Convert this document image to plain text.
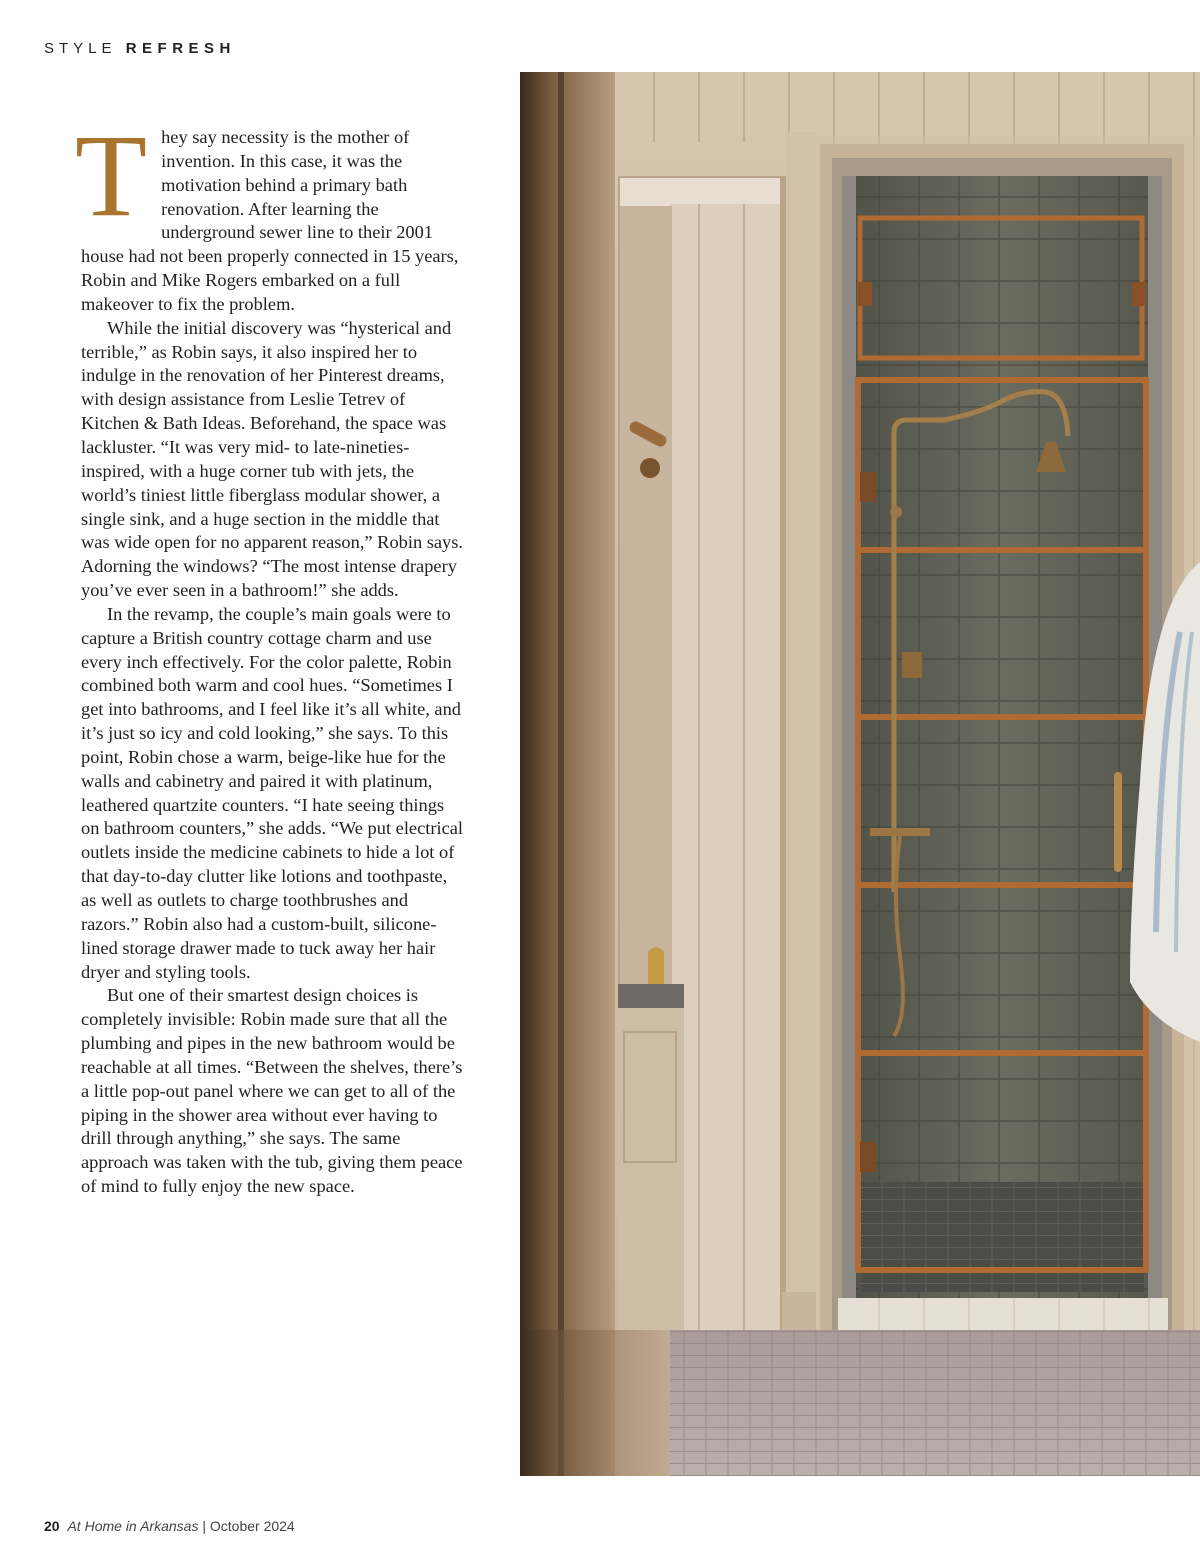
STYLE REFRESH

They say necessity is the mother of invention. In this case, it was the motivation behind a primary bath renovation. After learning the underground sewer line to their 2001 house had not been properly connected in 15 years, Robin and Mike Rogers embarked on a full makeover to fix the problem.

While the initial discovery was “hysterical and terrible,” as Robin says, it also inspired her to indulge in the renovation of her Pinterest dreams, with design assistance from Leslie Tetrev of Kitchen & Bath Ideas. Beforehand, the space was lackluster. “It was very mid- to late-nineties-inspired, with a huge corner tub with jets, the world’s tiniest little fiberglass modular shower, a single sink, and a huge section in the middle that was wide open for no apparent reason,” Robin says. Adorning the windows? “The most intense drapery you’ve ever seen in a bathroom!” she adds.

In the revamp, the couple’s main goals were to capture a British country cottage charm and use every inch effectively. For the color palette, Robin combined both warm and cool hues. “Sometimes I get into bathrooms, and I feel like it’s all white, and it’s just so icy and cold looking,” she says. To this point, Robin chose a warm, beige-like hue for the walls and cabinetry and paired it with platinum, leathered quartzite counters. “I hate seeing things on bathroom counters,” she adds. “We put electrical outlets inside the medicine cabinets to hide a lot of that day-to-day clutter like lotions and toothpaste, as well as outlets to charge toothbrushes and razors.” Robin also had a custom-built, silicone-lined storage drawer made to tuck away her hair dryer and styling tools.

But one of their smartest design choices is completely invisible: Robin made sure that all the plumbing and pipes in the new bathroom would be reachable at all times. “Between the shelves, there’s a little pop-out panel where we can get to all of the piping in the shower area without ever having to drill through anything,” she says. The same approach was taken with the tub, giving them peace of mind to fully enjoy the new space.

20 At Home in Arkansas | October 2024
